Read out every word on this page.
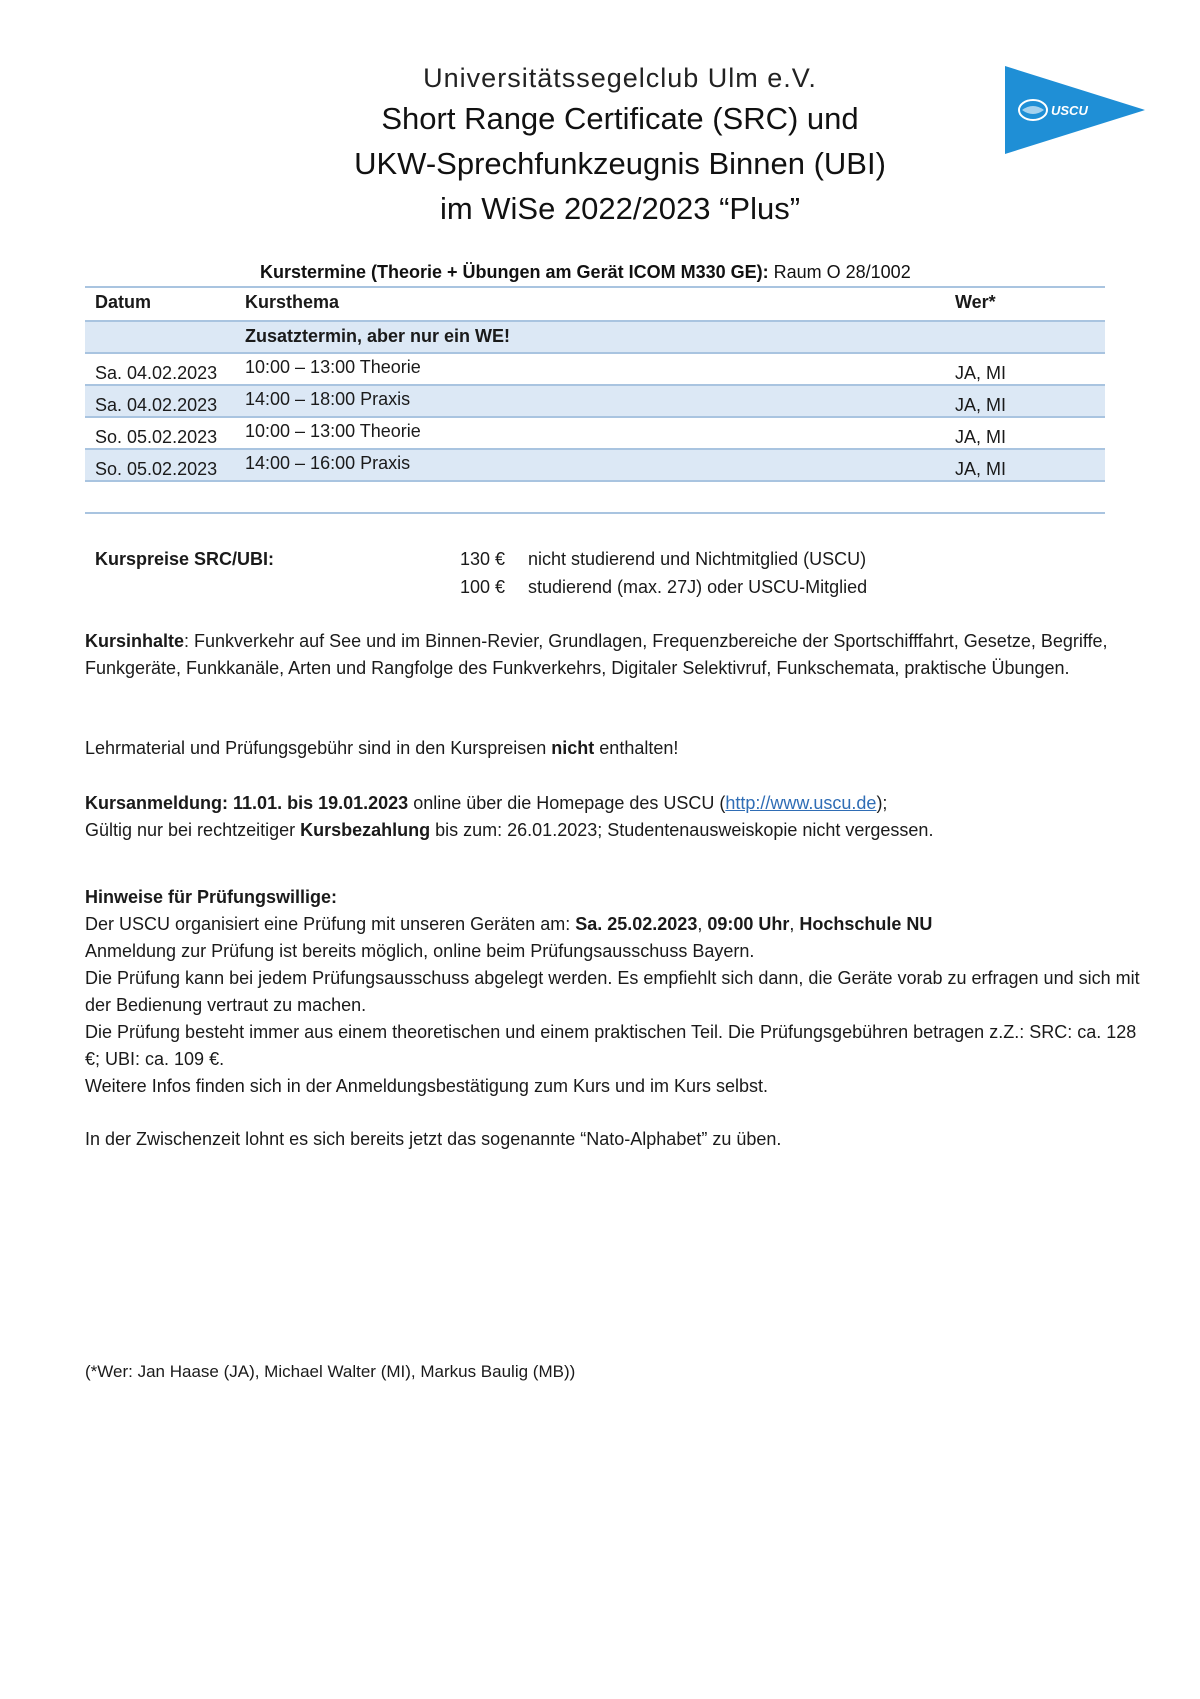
Universitätssegelclub Ulm e.V.
Short Range Certificate (SRC) und
UKW-Sprechfunkzeugnis Binnen (UBI)
im WiSe 2022/2023 “Plus”
USCU
Kurstermine (Theorie + Übungen am Gerät ICOM M330 GE): Raum O 28/1002
Datum	Kursthema	Wer*
	Zusatztermin, aber nur ein WE!	
Sa. 04.02.2023	10:00 – 13:00 Theorie	JA, MI
Sa. 04.02.2023	14:00 – 18:00 Praxis	JA, MI
So. 05.02.2023	10:00 – 13:00 Theorie	JA, MI
So. 05.02.2023	14:00 – 16:00 Praxis	JA, MI

Kurspreise SRC/UBI:	130 € nicht studierend und Nichtmitglied (USCU)
100 € studierend (max. 27J) oder USCU-Mitglied
Kursinhalte: Funkverkehr auf See und im Binnen-Revier, Grundlagen, Frequenzbereiche der Sportschifffahrt, Gesetze, Begriffe, Funkgeräte, Funkkanäle, Arten und Rangfolge des Funkverkehrs, Digitaler Selektivruf, Funkschemata, praktische Übungen.
Lehrmaterial und Prüfungsgebühr sind in den Kurspreisen nicht enthalten!
Kursanmeldung: 11.01. bis 19.01.2023 online über die Homepage des USCU (http://www.uscu.de);
Gültig nur bei rechtzeitiger Kursbezahlung bis zum: 26.01.2023; Studentenausweiskopie nicht vergessen.
Hinweise für Prüfungswillige:
Der USCU organisiert eine Prüfung mit unseren Geräten am: Sa. 25.02.2023, 09:00 Uhr, Hochschule NU
Anmeldung zur Prüfung ist bereits möglich, online beim Prüfungsausschuss Bayern.
Die Prüfung kann bei jedem Prüfungsausschuss abgelegt werden. Es empfiehlt sich dann, die Geräte vorab zu erfragen und sich mit der Bedienung vertraut zu machen.
Die Prüfung besteht immer aus einem theoretischen und einem praktischen Teil. Die Prüfungsgebühren betragen z.Z.: SRC: ca. 128 €; UBI: ca. 109 €.
Weitere Infos finden sich in der Anmeldungsbestätigung zum Kurs und im Kurs selbst.
In der Zwischenzeit lohnt es sich bereits jetzt das sogenannte “Nato-Alphabet” zu üben.
(*Wer: Jan Haase (JA), Michael Walter (MI), Markus Baulig (MB))
